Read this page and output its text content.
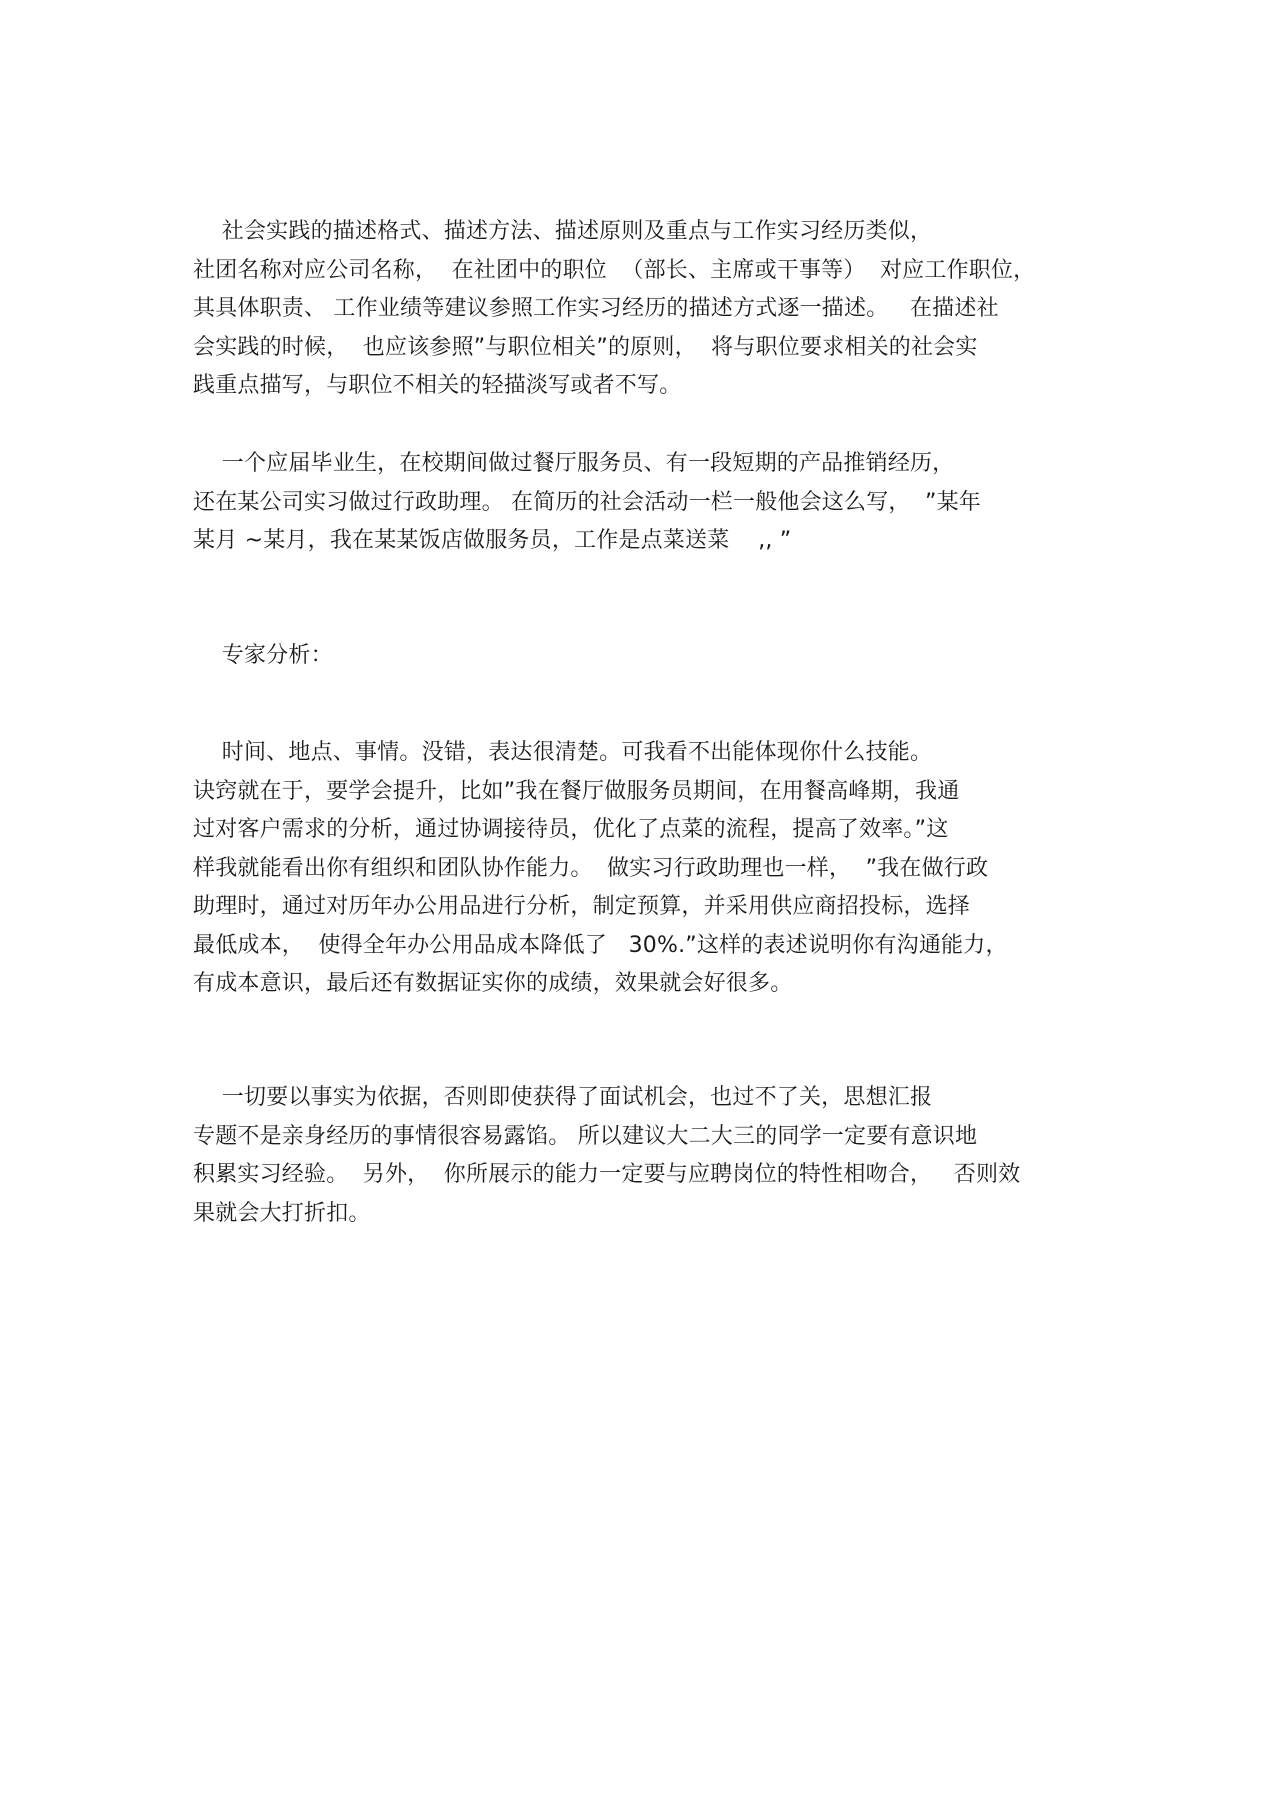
社会实践的描述格式、描述方法、描述原则及重点与工作实习经历类似，
社团名称对应公司名称，  在社团中的职位  （部长、主席或干事等）  对应工作职位，
其具体职责、 工作业绩等建议参照工作实习经历的描述方式逐一描述。   在描述社
会实践的时候，  也应该参照”与职位相关”的原则，  将与职位要求相关的社会实
践重点描写，与职位不相关的轻描淡写或者不写。
一个应届毕业生，在校期间做过餐厅服务员、有一段短期的产品推销经历，
还在某公司实习做过行政助理。 在简历的社会活动一栏一般他会这么写，  ”某年
某月 ~某月，我在某某饭店做服务员，工作是点菜送菜    ,, ”
专家分析：
时间、地点、事情。没错，表达很清楚。可我看不出能体现你什么技能。
诀窍就在于，要学会提升，比如”我在餐厅做服务员期间，在用餐高峰期，我通
过对客户需求的分析，通过协调接待员，优化了点菜的流程，提高了效率。”这
样我就能看出你有组织和团队协作能力。  做实习行政助理也一样，  ”我在做行政
助理时，通过对历年办公用品进行分析，制定预算，并采用供应商招投标，选择
最低成本，  使得全年办公用品成本降低了   30%.”这样的表述说明你有沟通能力，
有成本意识，最后还有数据证实你的成绩，效果就会好很多。
一切要以事实为依据，否则即使获得了面试机会，也过不了关，思想汇报
专题不是亲身经历的事情很容易露馅。 所以建议大二大三的同学一定要有意识地
积累实习经验。  另外，  你所展示的能力一定要与应聘岗位的特性相吻合，   否则效
果就会大打折扣。
